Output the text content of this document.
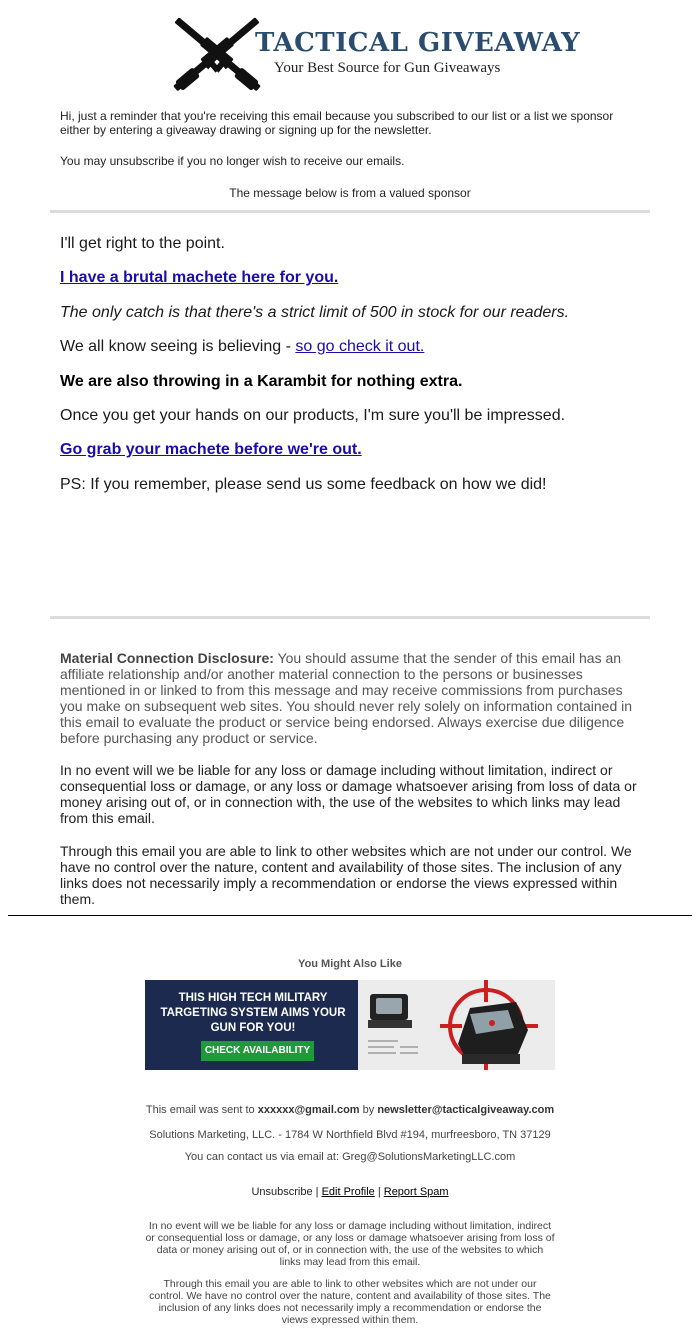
TACTICAL GIVEAWAY
Your Best Source for Gun Giveaways
Hi, just a reminder that you're receiving this email because you subscribed to our list or a list we sponsor either by entering a giveaway drawing or signing up for the newsletter.
You may unsubscribe if you no longer wish to receive our emails.
The message below is from a valued sponsor
I'll get right to the point.
I have a brutal machete here for you.
The only catch is that there's a strict limit of 500 in stock for our readers.
We all know seeing is believing - so go check it out.
We are also throwing in a Karambit for nothing extra.
Once you get your hands on our products, I'm sure you'll be impressed.
Go grab your machete before we're out.
PS: If you remember, please send us some feedback on how we did!
Material Connection Disclosure: You should assume that the sender of this email has an affiliate relationship and/or another material connection to the persons or businesses mentioned in or linked to from this message and may receive commissions from purchases you make on subsequent web sites. You should never rely solely on information contained in this email to evaluate the product or service being endorsed. Always exercise due diligence before purchasing any product or service.
In no event will we be liable for any loss or damage including without limitation, indirect or consequential loss or damage, or any loss or damage whatsoever arising from loss of data or money arising out of, or in connection with, the use of the websites to which links may lead from this email.
Through this email you are able to link to other websites which are not under our control. We have no control over the nature, content and availability of those sites. The inclusion of any links does not necessarily imply a recommendation or endorse the views expressed within them.
You Might Also Like
THIS HIGH TECH MILITARY TARGETING SYSTEM AIMS YOUR GUN FOR YOU!
CHECK AVAILABILITY
This email was sent to xxxxxx@gmail.com by newsletter@tacticalgiveaway.com
Solutions Marketing, LLC. - 1784 W Northfield Blvd #194, murfreesboro, TN 37129
You can contact us via email at: Greg@SolutionsMarketingLLC.com
Unsubscribe | Edit Profile | Report Spam
In no event will we be liable for any loss or damage including without limitation, indirect or consequential loss or damage, or any loss or damage whatsoever arising from loss of data or money arising out of, or in connection with, the use of the websites to which links may lead from this email.
Through this email you are able to link to other websites which are not under our control. We have no control over the nature, content and availability of those sites. The inclusion of any links does not necessarily imply a recommendation or endorse the views expressed within them.
